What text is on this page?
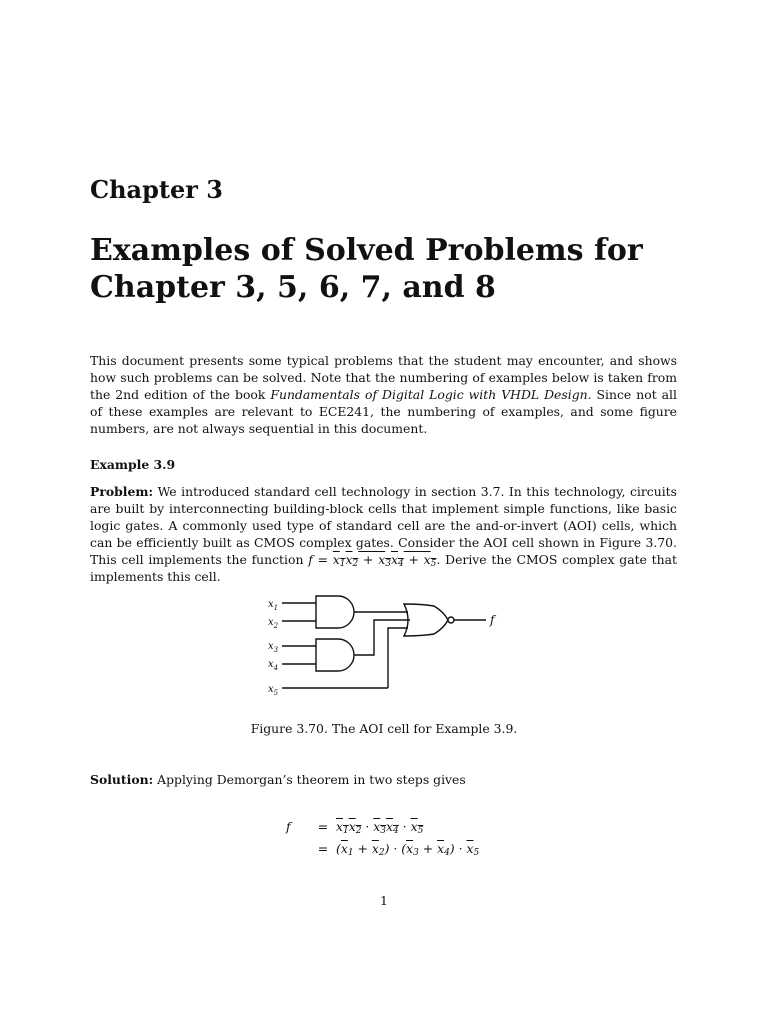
Chapter 3
Examples of Solved Problems for
Chapter 3, 5, 6, 7, and 8
This document presents some typical problems that the student may encounter, and shows how such problems can be solved. Note that the numbering of examples below is taken from the 2nd edition of the book Fundamentals of Digital Logic with VHDL Design. Since not all of these examples are relevant to ECE241, the numbering of examples, and some figure numbers, are not always sequential in this document.
Example 3.9
Problem: We introduced standard cell technology in section 3.7. In this technology, circuits are built by interconnecting building-block cells that implement simple functions, like basic logic gates. A commonly used type of standard cell are the and-or-invert (AOI) cells, which can be efficiently built as CMOS complex gates. Consider the AOI cell shown in Figure 3.70. This cell implements the function $f = x_1x_2 + x_3x_4 + x_5$. Derive the CMOS complex gate that implements this cell.
$x_1$
$x_2$
$x_3$
$x_4$
$x_5$
f
Figure 3.70. The AOI cell for Example 3.9.
Solution: Applying Demorgan’s theorem in two steps gives
$f = x_1x_2 \cdot x_3x_4 \cdot x_5$
= $(\overline{x}_1 + \overline{x}_2) \cdot (\overline{x}_3 + \overline{x}_4) \cdot \overline{x}_5$
1
